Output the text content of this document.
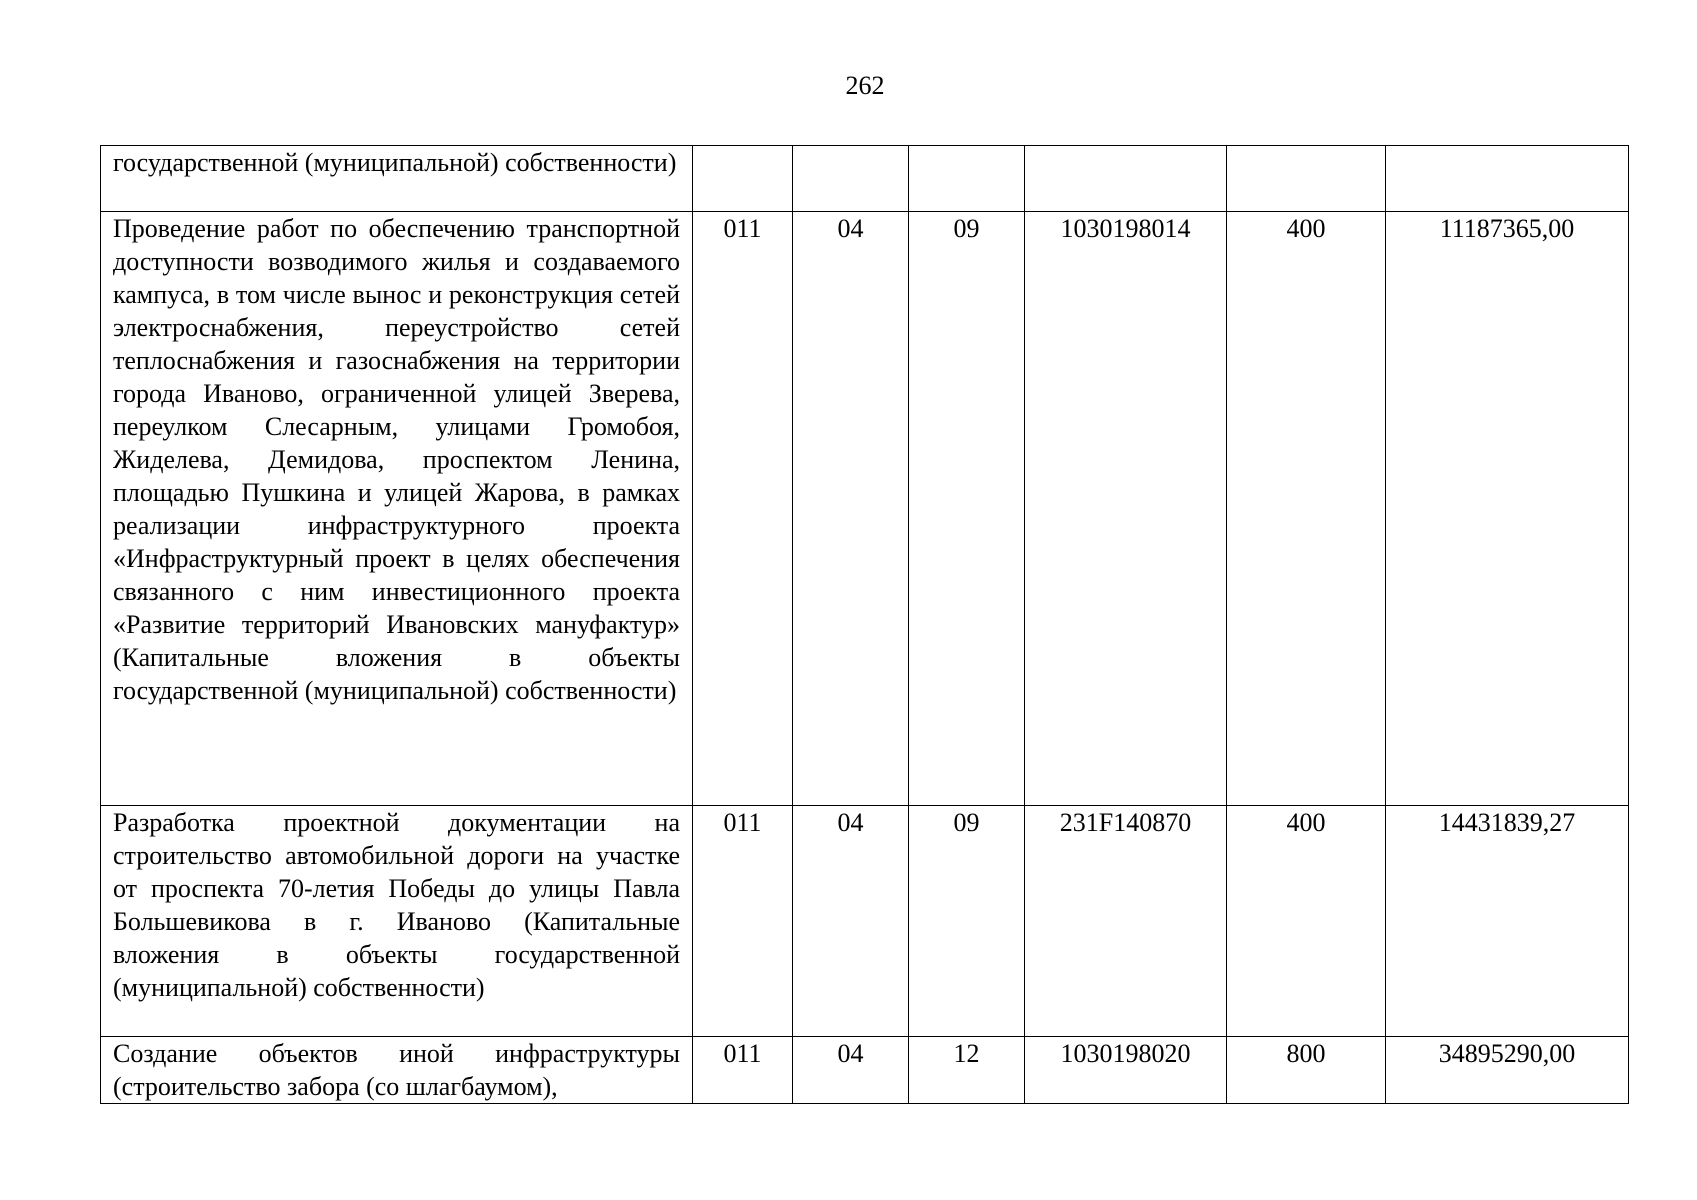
262
государственной (муниципальной) собственности)						

Проведение работ по обеспечению транспортной доступности возводимого жилья и создаваемого кампуса, в том числе вынос и реконструкция сетей электроснабжения, переустройство сетей теплоснабжения и газоснабжения на территории города Иваново, ограниченной улицей Зверева, переулком Слесарным, улицами Громобоя, Жиделева, Демидова, проспектом Ленина, площадью Пушкина и улицей Жарова, в рамках реализации инфраструктурного проекта «Инфраструктурный проект в целях обеспечения связанного с ним инвестиционного проекта «Развитие территорий Ивановских мануфактур» (Капитальные вложения в объекты государственной (муниципальной) собственности)	011	04	09	1030198014	400	11187365,00

Разработка проектной документации на строительство автомобильной дороги на участке от проспекта 70-летия Победы до улицы Павла Большевикова в г. Иваново (Капитальные вложения в объекты государственной (муниципальной) собственности)	011	04	09	231F140870	400	14431839,27

Создание объектов иной инфраструктуры (строительство забора (со шлагбаумом),	011	04	12	1030198020	800	34895290,00
